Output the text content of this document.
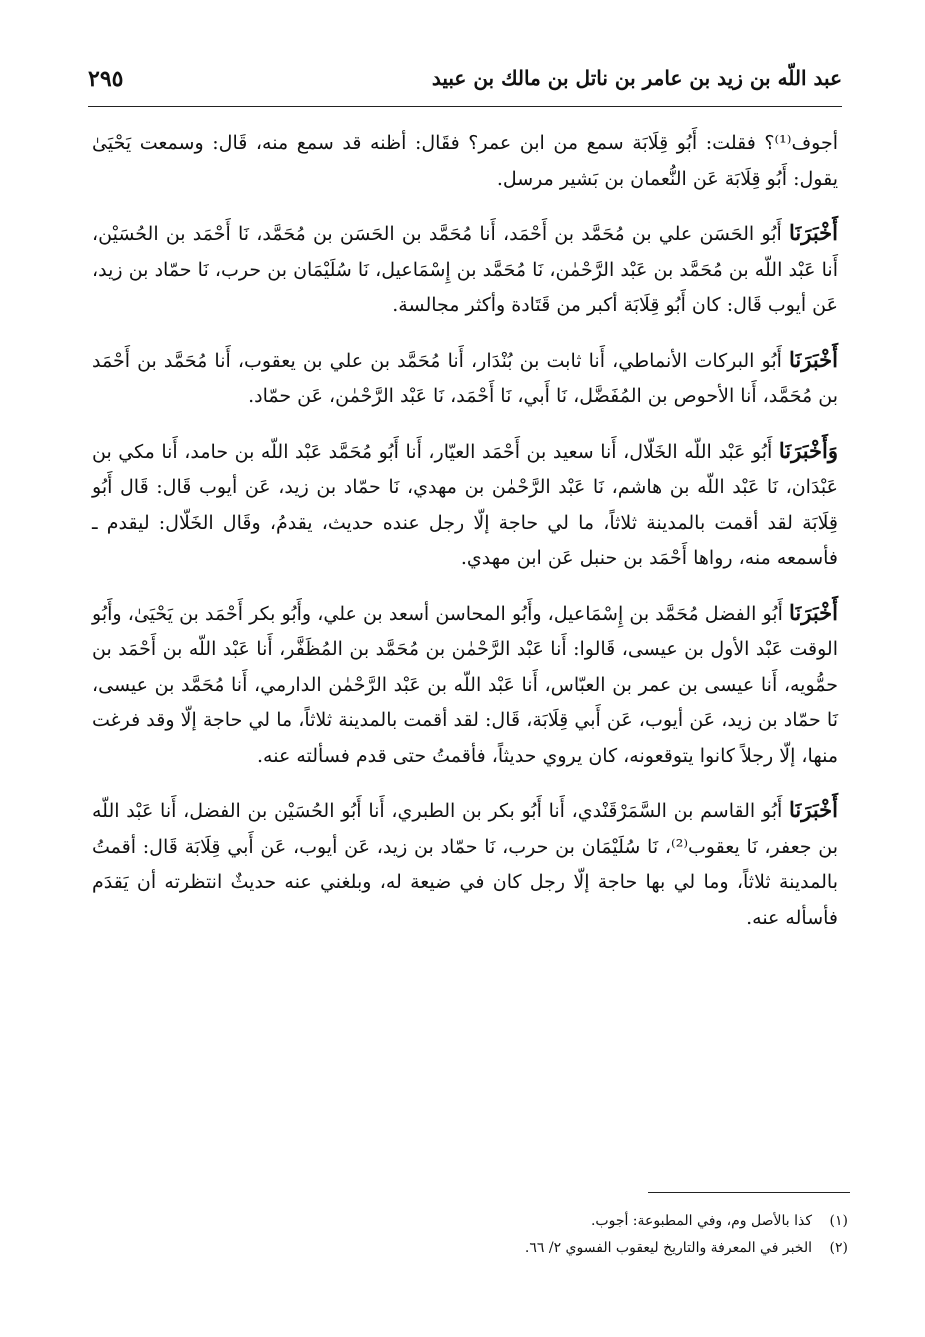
عبد اللّه بن زيد بن عامر بن ناتل بن مالك بن عبيد
٢٩٥

أجوف⁽¹⁾؟ فقلت: أَبُو قِلَابَة سمع من ابن عمر؟ فقَال: أظنه قد سمع منه، قَال: وسمعت يَحْيَىٰ يقول: أَبُو قِلَابَة عَن النُّعمان بن بَشير مرسل.

أَخْبَرَنَا أَبُو الحَسَن علي بن مُحَمَّد بن أَحْمَد، أَنا مُحَمَّد بن الحَسَن بن مُحَمَّد، نَا أَحْمَد بن الحُسَيْن، أَنا عَبْد اللّه بن مُحَمَّد بن عَبْد الرَّحْمٰن، نَا مُحَمَّد بن إِسْمَاعيل، نَا سُلَيْمَان بن حرب، نَا حمّاد بن زيد، عَن أيوب قَال: كان أَبُو قِلَابَة أكبر من قَتَادة وأكثر مجالسة.

أَخْبَرَنَا أَبُو البركات الأنماطي، أَنا ثابت بن بُنْدَار، أَنا مُحَمَّد بن علي بن يعقوب، أَنا مُحَمَّد بن أَحْمَد بن مُحَمَّد، أَنا الأحوص بن المُفَضَّل، نَا أَبي، نَا أَحْمَد، نَا عَبْد الرَّحْمٰن، عَن حمّاد.

وَأَخْبَرَنَا أَبُو عَبْد اللّه الخَلّال، أَنا سعيد بن أَحْمَد العيّار، أَنا أَبُو مُحَمَّد عَبْد اللّه بن حامد، أَنا مكي بن عَبْدَان، نَا عَبْد اللّه بن هاشم، نَا عَبْد الرَّحْمٰن بن مهدي، نَا حمّاد بن زيد، عَن أيوب قَال: قَال أَبُو قِلَابَة لقد أقمت بالمدينة ثلاثاً، ما لي حاجة إلّا رجل عنده حديث، يقدمُ، وقَال الخَلّال: ليقدم ـ فأسمعه منه، رواها أَحْمَد بن حنبل عَن ابن مهدي.

أَخْبَرَنَا أَبُو الفضل مُحَمَّد بن إِسْمَاعيل، وأَبُو المحاسن أسعد بن علي، وأَبُو بكر أَحْمَد بن يَحْيَىٰ، وأَبُو الوقت عَبْد الأول بن عيسى، قَالوا: أَنا عَبْد الرَّحْمٰن بن مُحَمَّد بن المُظَفَّر، أَنا عَبْد اللّه بن أَحْمَد بن حمُّويه، أَنا عيسى بن عمر بن العبّاس، أَنا عَبْد اللّه بن عَبْد الرَّحْمٰن الدارمي، أَنا مُحَمَّد بن عيسى، نَا حمّاد بن زيد، عَن أيوب، عَن أَبي قِلَابَة، قَال: لقد أقمت بالمدينة ثلاثاً، ما لي حاجة إلّا وقد فرغت منها، إلّا رجلاً كانوا يتوقعونه، كان يروي حديثاً، فأقمتُ حتى قدم فسألته عنه.

أَخْبَرَنَا أَبُو القاسم بن السَّمَرْقَنْدي، أَنا أَبُو بكر بن الطبري، أَنا أَبُو الحُسَيْن بن الفضل، أَنا عَبْد اللّه بن جعفر، نَا يعقوب⁽²⁾، نَا سُلَيْمَان بن حرب، نَا حمّاد بن زيد، عَن أيوب، عَن أَبي قِلَابَة قَال: أقمتُ بالمدينة ثلاثاً، وما لي بها حاجة إلّا رجل كان في ضيعة له، وبلغني عنه حديثٌ انتظرته أن يَقدَم فأسأله عنه.

(١)كذا بالأصل وم، وفي المطبوعة: أجوب.
(٢)الخبر في المعرفة والتاريخ ليعقوب الفسوي ٢/ ٦٦.
